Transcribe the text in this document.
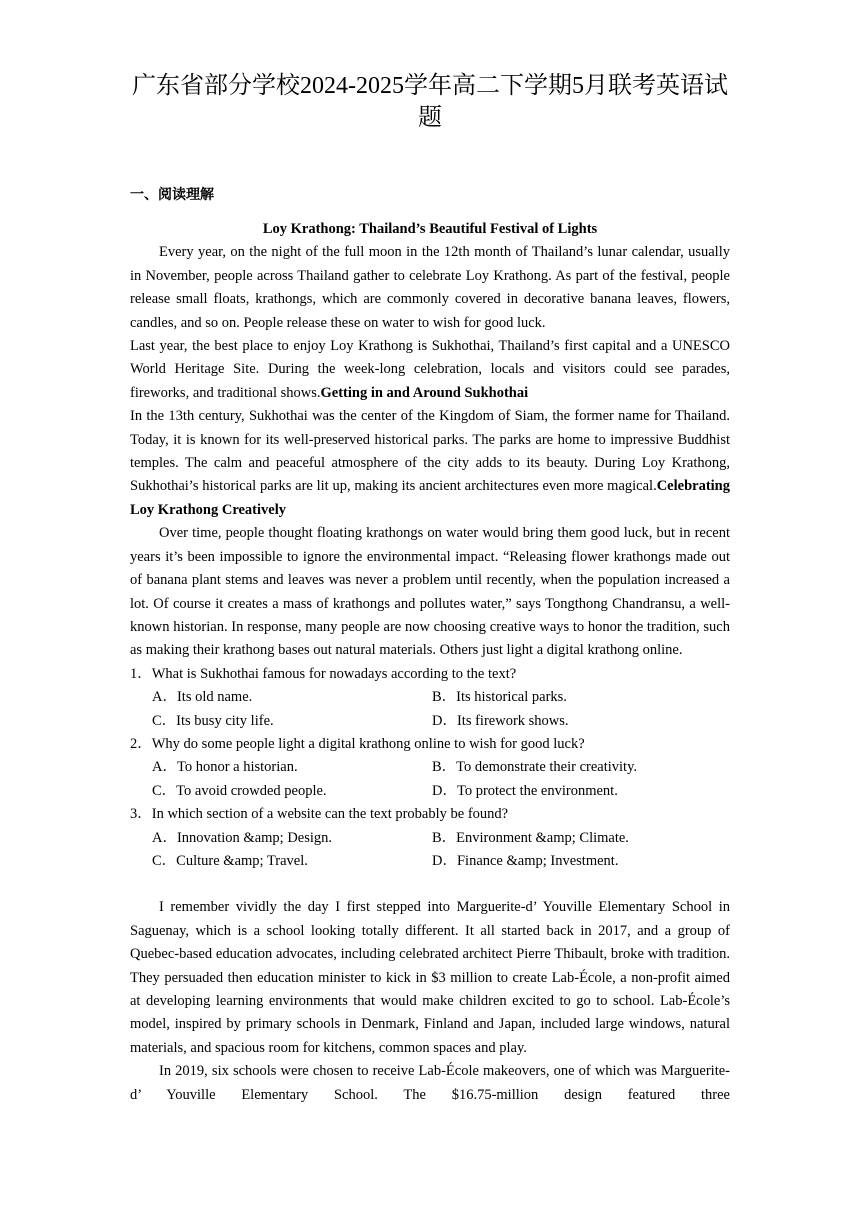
广东省部分学校2024-2025学年高二下学期5月联考英语试题
一、阅读理解
Loy Krathong: Thailand’s Beautiful Festival of Lights

Every year, on the night of the full moon in the 12th month of Thailand’s lunar calendar, usually in November, people across Thailand gather to celebrate Loy Krathong. As part of the festival, people release small floats, krathongs, which are commonly covered in decorative banana leaves, flowers, candles, and so on. People release these on water to wish for good luck.

Last year, the best place to enjoy Loy Krathong is Sukhothai, Thailand’s first capital and a UNESCO World Heritage Site. During the week-long celebration, locals and visitors could see parades, fireworks, and traditional shows.Getting in and Around Sukhothai

In the 13th century, Sukhothai was the center of the Kingdom of Siam, the former name for Thailand. Today, it is known for its well-preserved historical parks. The parks are home to impressive Buddhist temples. The calm and peaceful atmosphere of the city adds to its beauty. During Loy Krathong, Sukhothai’s historical parks are lit up, making its ancient architectures even more magical.Celebrating Loy Krathong Creatively

Over time, people thought floating krathongs on water would bring them good luck, but in recent years it’s been impossible to ignore the environmental impact. “Releasing flower krathongs made out of banana plant stems and leaves was never a problem until recently, when the population increased a lot. Of course it creates a mass of krathongs and pollutes water,” says Tongthong Chandransu, a well-known historian. In response, many people are now choosing creative ways to honor the tradition, such as making their krathong bases out natural materials. Others just light a digital krathong online.

1．What is Sukhothai famous for nowadays according to the text?
A．Its old name.	B．Its historical parks.
C．Its busy city life.	D．Its firework shows.
2．Why do some people light a digital krathong online to wish for good luck?
A．To honor a historian.	B．To demonstrate their creativity.
C．To avoid crowded people.	D．To protect the environment.
3．In which section of a website can the text probably be found?
A．Innovation &amp; Design.	B．Environment &amp; Climate.
C．Culture &amp; Travel.	D．Finance &amp; Investment.

I remember vividly the day I first stepped into Marguerite-d’ Youville Elementary School in Saguenay, which is a school looking totally different. It all started back in 2017, and a group of Quebec-based education advocates, including celebrated architect Pierre Thibault, broke with tradition. They persuaded then education minister to kick in $3 million to create Lab-École, a non-profit aimed at developing learning environments that would make children excited to go to school. Lab-École’s model, inspired by primary schools in Denmark, Finland and Japan, included large windows, natural materials, and spacious room for kitchens, common spaces and play.

In 2019, six schools were chosen to receive Lab-École makeovers, one of which was Marguerite-d’ Youville Elementary School. The $16.75-million design featured three
